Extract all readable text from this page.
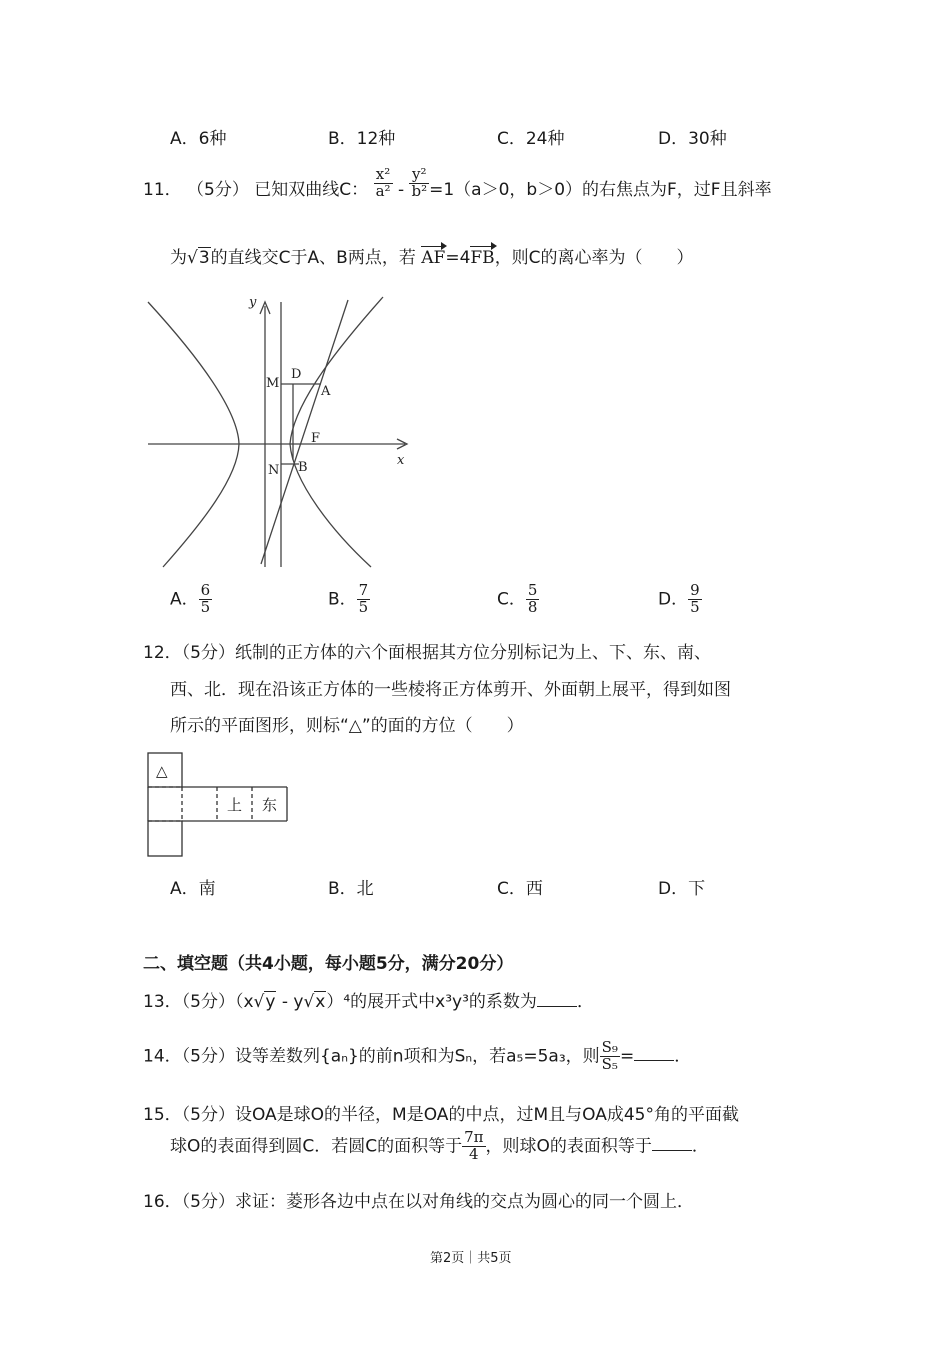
A．6种	B．12种	C．24种	D．30种
11． （5分） 已知双曲线C： $\frac{\text{x²}}{\text{a²}} - \frac{\text{y²}}{\text{b²}} =1(a>0$，b＞0）的右焦点为F，过F且斜率
为√3的直线交C于A、B两点，若 AF=4FB，则C的离心率为（　　）
y
x
M
D
A
F
N B
A． $\frac{6}{5}$	B． $\frac{7}{5}$	C． $\frac{5}{8}$	D． $\frac{9}{5}$
12．（5分）纸制的正方体的六个面根据其方位分别标记为上、下、东、南、
西、北．现在沿该正方体的一些棱将正方体剪开、外面朝上展平，得到如图
所示的平面图形，则标“△”的面的方位（　　）
△
上 东
A．南	B．北	C．西	D．下
二、填空题（共4小题，每小题5分，满分20分）
13．（5分）（x√y - y√x）⁴的展开式中x³y³的系数为 ．
14．（5分）设等差数列{aₙ}的前n项和为Sₙ，若a₅=5a₃，则 $\frac{\text{S₉}}{\text{S₅}}$ = ．
15．（5分）设OA是球O的半径，M是OA的中点，过M且与OA成45°角的平面截
球O的表面得到圆C．若圆C的面积等于 $\frac{7\pi}{4}$ ，则球O的表面积等于 ．
16．（5分）求证：菱形各边中点在以对角线的交点为圆心的同一个圆上．
第2页｜共5页
